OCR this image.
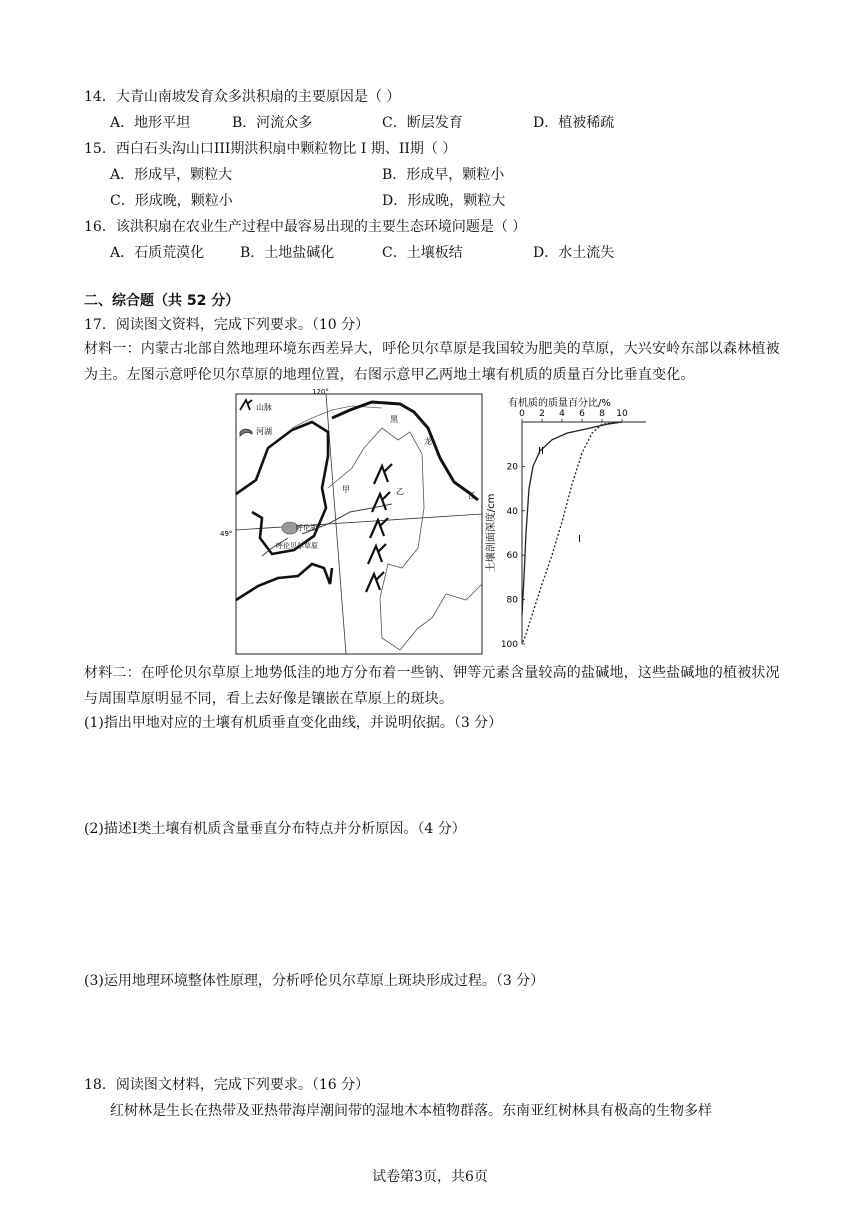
14．大青山南坡发育众多洪积扇的主要原因是（ ）
A．地形平坦	B．河流众多	C．断层发育	D．植被稀疏
15．西白石头沟山口III期洪积扇中颗粒物比 I 期、II期（ ）
A．形成早，颗粒大	B．形成早，颗粒小
C．形成晚，颗粒小	D．形成晚，颗粒大
16．该洪积扇在农业生产过程中最容易出现的主要生态环境问题是（ ）
A．石质荒漠化	B．土地盐碱化	C．土壤板结	D．水土流失
二、综合题（共 52 分）
17．阅读图文资料，完成下列要求。（10 分）
材料一：内蒙古北部自然地理环境东西差异大，呼伦贝尔草原是我国较为肥美的草原，大兴安岭东部以森林植被为主。左图示意呼伦贝尔草原的地理位置，右图示意甲乙两地土壤有机质的质量百分比垂直变化。
山脉
河湖
120°
49°
甲	乙
呼伦湖
呼伦贝尔草原
黑
龙
江
有机质的质量百分比/%
0 2 4 6 8 10
20
40
60
80
100
土壤剖面深度/cm
II
I
材料二：在呼伦贝尔草原上地势低洼的地方分布着一些钠、钾等元素含量较高的盐碱地，这些盐碱地的植被状况与周围草原明显不同，看上去好像是镶嵌在草原上的斑块。
(1)指出甲地对应的土壤有机质垂直变化曲线，并说明依据。（3 分）
(2)描述I类土壤有机质含量垂直分布特点并分析原因。（4 分）
(3)运用地理环境整体性原理，分析呼伦贝尔草原上斑块形成过程。（3 分）
18．阅读图文材料，完成下列要求。（16 分）
红树林是生长在热带及亚热带海岸潮间带的湿地木本植物群落。东南亚红树林具有极高的生物多样
试卷第3页，共6页
